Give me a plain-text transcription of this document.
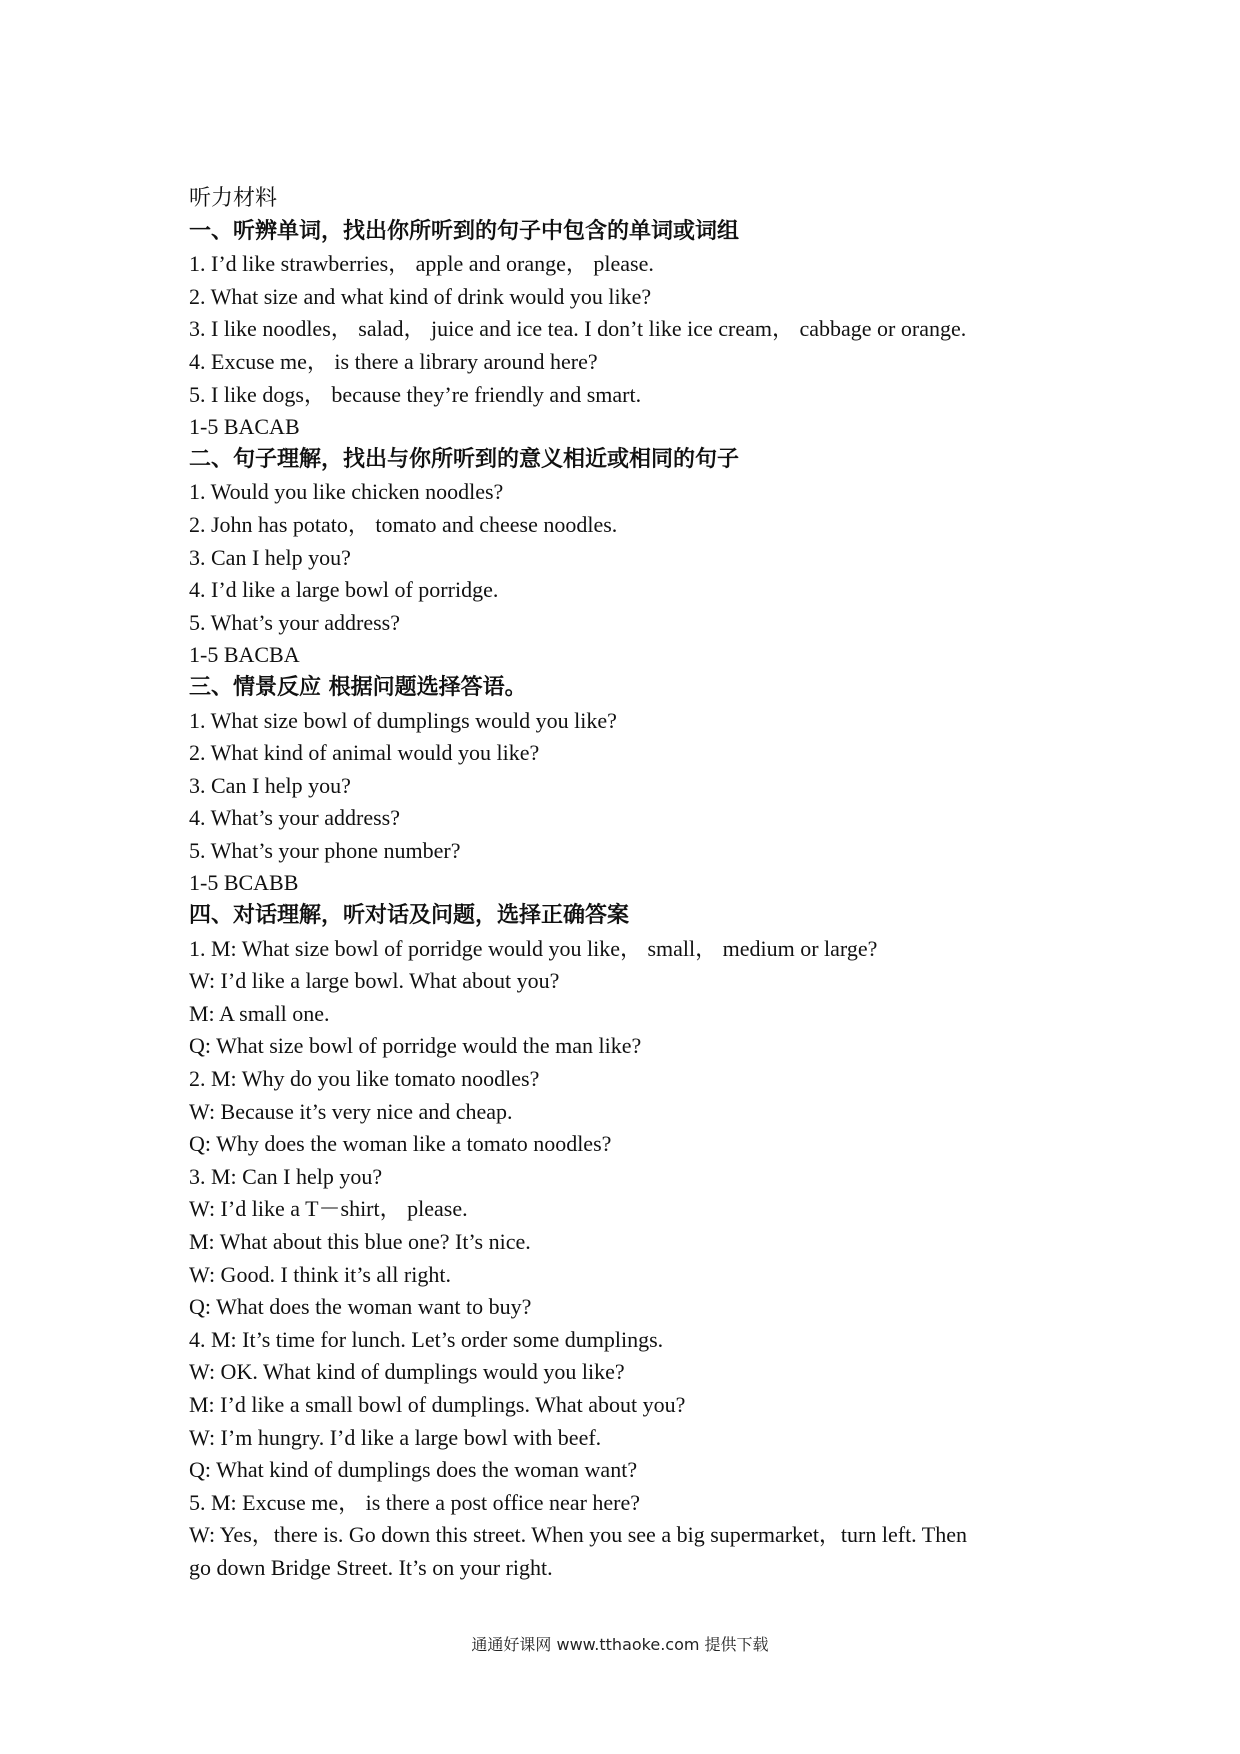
听力材料
一、听辨单词，找出你所听到的句子中包含的单词或词组
1. I’d like strawberries， apple and orange， please.
2. What size and what kind of drink would you like?
3. I like noodles， salad， juice and ice tea. I don’t like ice cream， cabbage or orange.
4. Excuse me， is there a library around here?
5. I like dogs， because they’re friendly and smart.
1-5 BACAB
二、句子理解，找出与你所听到的意义相近或相同的句子
1. Would you like chicken noodles?
2. John has potato， tomato and cheese noodles.
3. Can I help you?
4. I’d like a large bowl of porridge.
5. What’s your address?
1-5 BACBA
三、情景反应 根据问题选择答语。
1. What size bowl of dumplings would you like?
2. What kind of animal would you like?
3. Can I help you?
4. What’s your address?
5. What’s your phone number?
1-5 BCABB
四、对话理解，听对话及问题，选择正确答案
1. M: What size bowl of porridge would you like， small， medium or large?
W: I’d like a large bowl. What about you?
M: A small one.
Q: What size bowl of porridge would the man like?
2. M: Why do you like tomato noodles?
W: Because it’s very nice and cheap.
Q: Why does the woman like a tomato noodles?
3. M: Can I help you?
W: I’d like a T－shirt， please.
M: What about this blue one? It’s nice.
W: Good. I think it’s all right.
Q: What does the woman want to buy?
4. M: It’s time for lunch. Let’s order some dumplings.
W: OK. What kind of dumplings would you like?
M: I’d like a small bowl of dumplings. What about you?
W: I’m hungry. I’d like a large bowl with beef.
Q: What kind of dumplings does the woman want?
5. M: Excuse me， is there a post office near here?
W: Yes，there is. Go down this street. When you see a big supermarket，turn left. Then
go down Bridge Street. It’s on your right.
通通好课网 www.tthaoke.com 提供下载
